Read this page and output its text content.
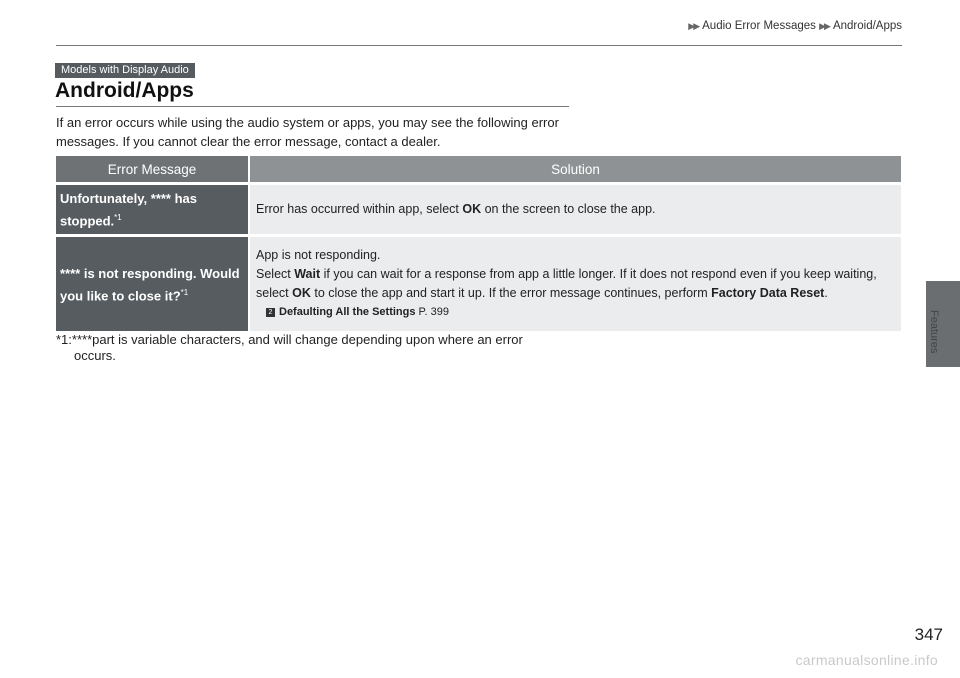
▶▶ Audio Error Messages ▶▶ Android/Apps
Models with Display Audio
Android/Apps
If an error occurs while using the audio system or apps, you may see the following error messages. If you cannot clear the error message, contact a dealer.
Error Message	Solution
Unfortunately, **** has stopped.$^{*1}$	Error has occurred within app, select OK on the screen to close the app.
**** is not responding. Would you like to close it?$^{*1}$	App is not responding.
Select Wait if you can wait for a response from app a little longer. If it does not respond even if you keep waiting, select OK to close the app and start it up. If the error message continues, perform Factory Data Reset.
2 Defaulting All the Settings P. 399
*1:****part is variable characters, and will change depending upon where an error
occurs.
Features
347
carmanualsonline.info
